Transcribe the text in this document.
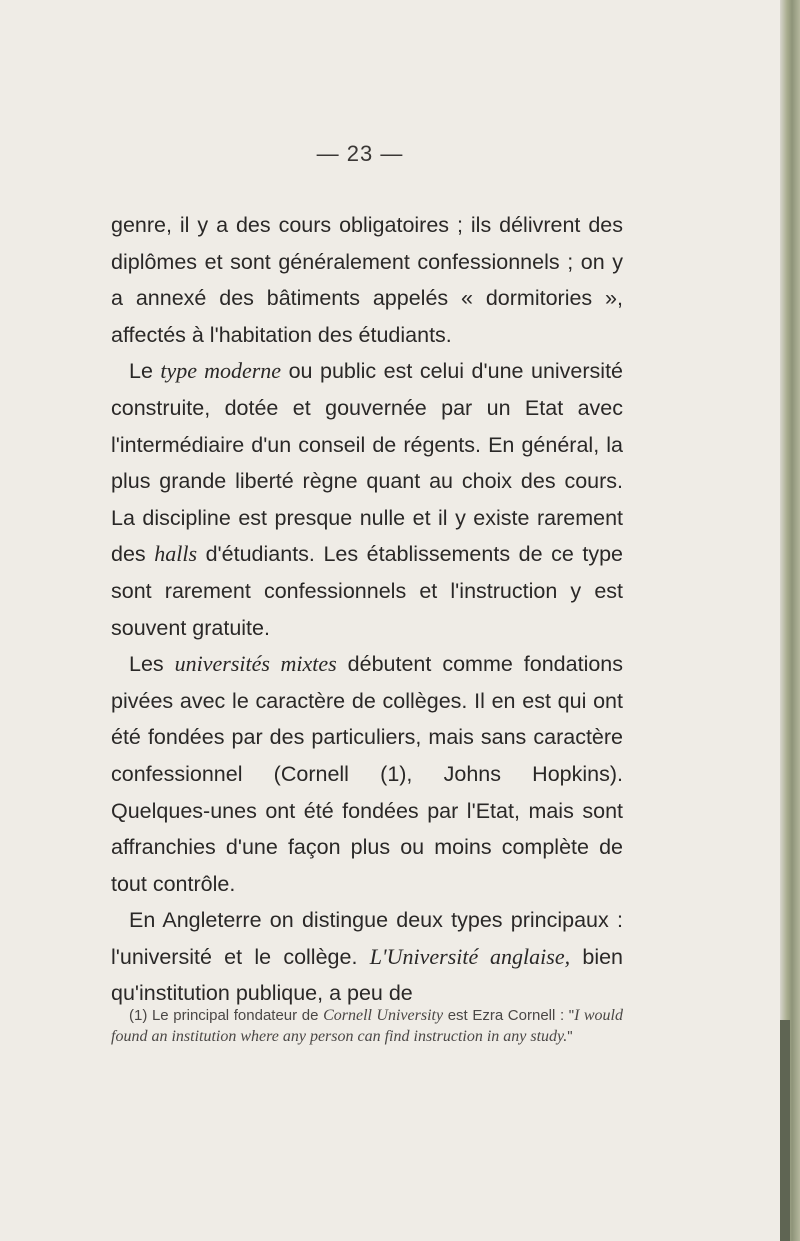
— 23 —

genre, il y a des cours obligatoires ; ils délivrent des diplômes et sont généralement confessionnels ; on y a annexé des bâtiments appelés « dormitories », affectés à l'habitation des étudiants.

Le type moderne ou public est celui d'une université construite, dotée et gouvernée par un Etat avec l'intermédiaire d'un conseil de régents. En général, la plus grande liberté règne quant au choix des cours. La discipline est presque nulle et il y existe rarement des halls d'étudiants. Les établissements de ce type sont rarement confessionnels et l'instruction y est souvent gratuite.

Les universités mixtes débutent comme fondations pivées avec le caractère de collèges. Il en est qui ont été fondées par des particuliers, mais sans caractère confessionnel (Cornell (1), Johns Hopkins). Quelques-unes ont été fondées par l'Etat, mais sont affranchies d'une façon plus ou moins complète de tout contrôle.

En Angleterre on distingue deux types principaux : l'université et le collège. L'Université anglaise, bien qu'institution publique, a peu de

(1) Le principal fondateur de Cornell University est Ezra Cornell : "I would found an institution where any person can find instruction in any study."
